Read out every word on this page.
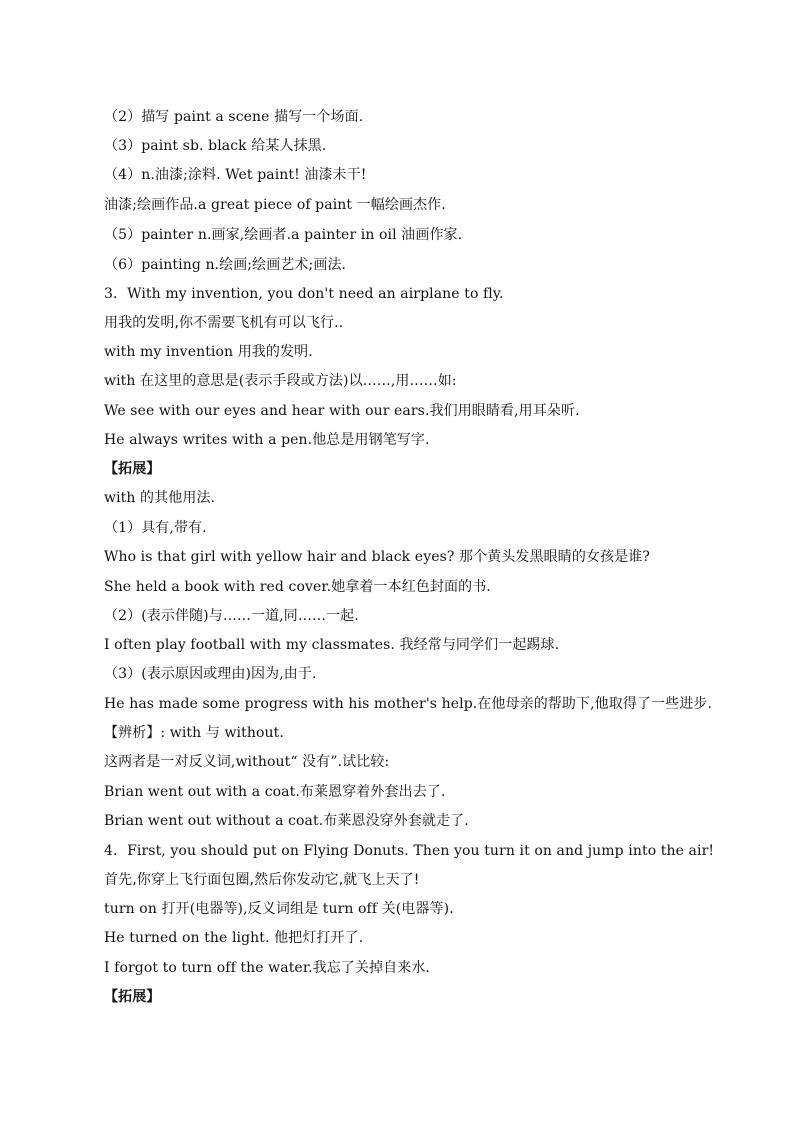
（2）描写 paint a scene 描写一个场面.
（3）paint sb. black 给某人抹黑.
（4）n.油漆;涂料. Wet paint! 油漆未干!
油漆;绘画作品.a great piece of paint 一幅绘画杰作.
（5）painter n.画家,绘画者.a painter in oil 油画作家.
（6）painting n.绘画;绘画艺术;画法.
3．With my invention, you don't need an airplane to fly.
用我的发明,你不需要飞机有可以飞行..
with my invention 用我的发明.
with 在这里的意思是(表示手段或方法)以……,用……如:
We see with our eyes and hear with our ears.我们用眼睛看,用耳朵听.
He always writes with a pen.他总是用钢笔写字.
【拓展】
with 的其他用法.
（1）具有,带有.
Who is that girl with yellow hair and black eyes? 那个黄头发黑眼睛的女孩是谁?
She held a book with red cover.她拿着一本红色封面的书.
（2）(表示伴随)与……一道,同……一起.
I often play football with my classmates. 我经常与同学们一起踢球.
（3）(表示原因或理由)因为,由于.
He has made some progress with his mother's help.在他母亲的帮助下,他取得了一些进步.
【辨析】: with 与 without.
这两者是一对反义词,without“ 没有”.试比较:
Brian went out with a coat.布莱恩穿着外套出去了.
Brian went out without a coat.布莱恩没穿外套就走了.
4．First, you should put on Flying Donuts. Then you turn it on and jump into the air!
首先,你穿上飞行面包圈,然后你发动它,就飞上天了!
turn on 打开(电器等),反义词组是 turn off 关(电器等).
He turned on the light. 他把灯打开了.
I forgot to turn off the water.我忘了关掉自来水.
【拓展】
